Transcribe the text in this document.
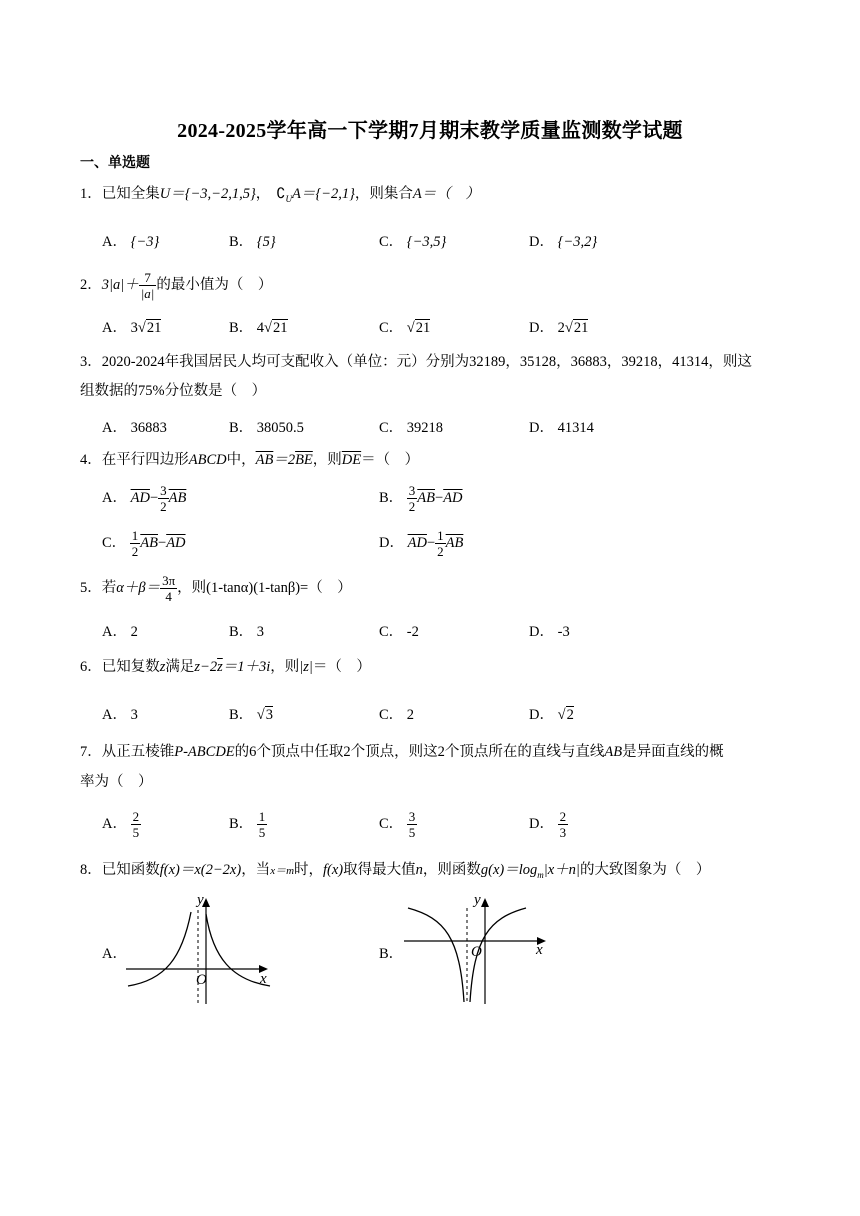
2024-2025学年高一下学期7月期末教学质量监测数学试题
一、单选题
1．已知全集U＝{−3,−2,1,5}， $∁_UA=\{-2,1\}$，则集合A＝（　）
A． {−3}	B． {5}	C． {−3,5}	D． {−3,2}
2．$3|a|+ \frac{7}{|a|}$ 的最小值为（　）
A． 3√21	B． 4√21	C． √21	D． 2√21
3．2020-2024年我国居民人均可支配收入（单位：元）分别为32189，35128，36883，39218，41314，则这
组数据的75%分位数是（　）
A． 36883	B． 38050.5	C． 39218	D． 41314
4．在平行四边形ABCD中，$\overline{AB}=2\overline{BE}$，则$\overline{DE}=$（　）
A． $\overline{AD}- \frac{3}{2} \overline{AB}$	B． $\frac{3}{2} \overline{AB}-\overline{AD}$
C． $\frac{1}{2} \overline{AB}-\overline{AD}$	D． $\overline{AD}- \frac{1}{2} \overline{AB}$
5．若$\alpha+\beta= \frac{3\pi}{4}$ ，则(1-tanα)(1-tanβ)=（　）
A． 2	B． 3	C． -2	D． -3
6．已知复数z满足$z-2\overline{z}=1+3i$，则|z|＝（　）
A． 3	B． √3	C． 2	D． √2
7．从正五棱锥P-ABCDE的6个顶点中任取2个顶点，则这2个顶点所在的直线与直线AB是异面直线的概
率为（　）
A． $\frac{2}{5}$	B． $\frac{1}{5}$	C． $\frac{3}{5}$	D． $\frac{2}{3}$
8．已知函数f(x)＝x(2−2x)，当x＝m时，f(x)取得最大值n，则函数$g(x)=\log_m|x+n|$的大致图象为（　）
A．
y
x
O
B．
y
x
O
